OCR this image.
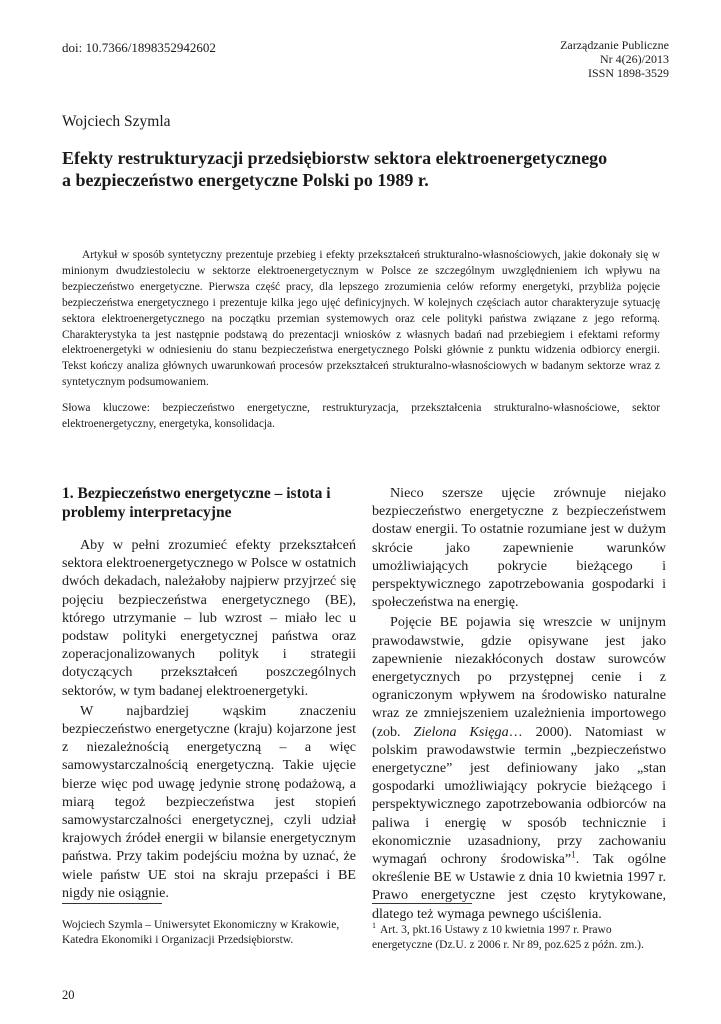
doi: 10.7366/1898352942602	Zarządzanie Publiczne
Nr 4(26)/2013
ISSN 1898-3529
Wojciech Szymla
Efekty restrukturyzacji przedsiębiorstw sektora elektroenergetycznego
a bezpieczeństwo energetyczne Polski po 1989 r.

Artykuł w sposób syntetyczny prezentuje przebieg i efekty przekształceń strukturalno-własnościowych, jakie dokonały się w minionym dwudziestoleciu w sektorze elektroenergetycznym w Polsce ze szczególnym uwzględnieniem ich wpływu na bezpieczeństwo energetyczne. Pierwsza część pracy, dla lepszego zrozumienia celów reformy energetyki, przybliża pojęcie bezpieczeństwa energetycznego i prezentuje kilka jego ujęć definicyjnych. W kolejnych częściach autor charakteryzuje sytuację sektora elektroenergetycznego na początku przemian systemowych oraz cele polityki państwa związane z jego reformą. Charakterystyka ta jest następnie podstawą do prezentacji wniosków z własnych badań nad przebiegiem i efektami reformy elektroenergetyki w odniesieniu do stanu bezpieczeństwa energetycznego Polski głównie z punktu widzenia odbiorcy energii. Tekst kończy analiza głównych uwarunkowań procesów przekształceń strukturalno-własnościowych w badanym sektorze wraz z syntetycznym podsumowaniem.

Słowa kluczowe: bezpieczeństwo energetyczne, restrukturyzacja, przekształcenia strukturalno-własnościowe, sektor elektroenergetyczny, energetyka, konsolidacja.

1. Bezpieczeństwo energetyczne – istota i problemy interpretacyjne

Aby w pełni zrozumieć efekty przekształceń sektora elektroenergetycznego w Polsce w ostatnich dwóch dekadach, należałoby najpierw przyjrzeć się pojęciu bezpieczeństwa energetycznego (BE), którego utrzymanie – lub wzrost – miało lec u podstaw polityki energetycznej państwa oraz zoperacjonalizowanych polityk i strategii dotyczących przekształceń poszczególnych sektorów, w tym badanej elektroenergetyki.

W najbardziej wąskim znaczeniu bezpieczeństwo energetyczne (kraju) kojarzone jest z niezależnością energetyczną – a więc samowystarczalnością energetyczną. Takie ujęcie bierze więc pod uwagę jedynie stronę podażową, a miarą tegoż bezpieczeństwa jest stopień samowystarczalności energetycznej, czyli udział krajowych źródeł energii w bilansie energetycznym państwa. Przy takim podejściu można by uznać, że wiele państw UE stoi na skraju przepaści i BE nigdy nie osiągnie.

Nieco szersze ujęcie zrównuje niejako bezpieczeństwo energetyczne z bezpieczeństwem dostaw energii. To ostatnie rozumiane jest w dużym skrócie jako zapewnienie warunków umożliwiających pokrycie bieżącego i perspektywicznego zapotrzebowania gospodarki i społeczeństwa na energię.

Pojęcie BE pojawia się wreszcie w unijnym prawodawstwie, gdzie opisywane jest jako zapewnienie niezakłóconych dostaw surowców energetycznych po przystępnej cenie i z ograniczonym wpływem na środowisko naturalne wraz ze zmniejszeniem uzależnienia importowego (zob. Zielona Księga… 2000). Natomiast w polskim prawodawstwie termin „bezpieczeństwo energetyczne” jest definiowany jako „stan gospodarki umożliwiający pokrycie bieżącego i perspektywicznego zapotrzebowania odbiorców na paliwa i energię w sposób technicznie i ekonomicznie uzasadniony, przy zachowaniu wymagań ochrony środowiska”$^1$. Tak ogólne określenie BE w Ustawie z dnia 10 kwietnia 1997 r. Prawo energetyczne jest często krytykowane, dlatego też wymaga pewnego uściślenia.

Wojciech Szymla – Uniwersytet Ekonomiczny w Krakowie, Katedra Ekonomiki i Organizacji Przedsiębiorstw.
$^1$ Art. 3, pkt.16 Ustawy z 10 kwietnia 1997 r. Prawo energetyczne (Dz.U. z 2006 r. Nr 89, poz.625 z późn. zm.).
20
